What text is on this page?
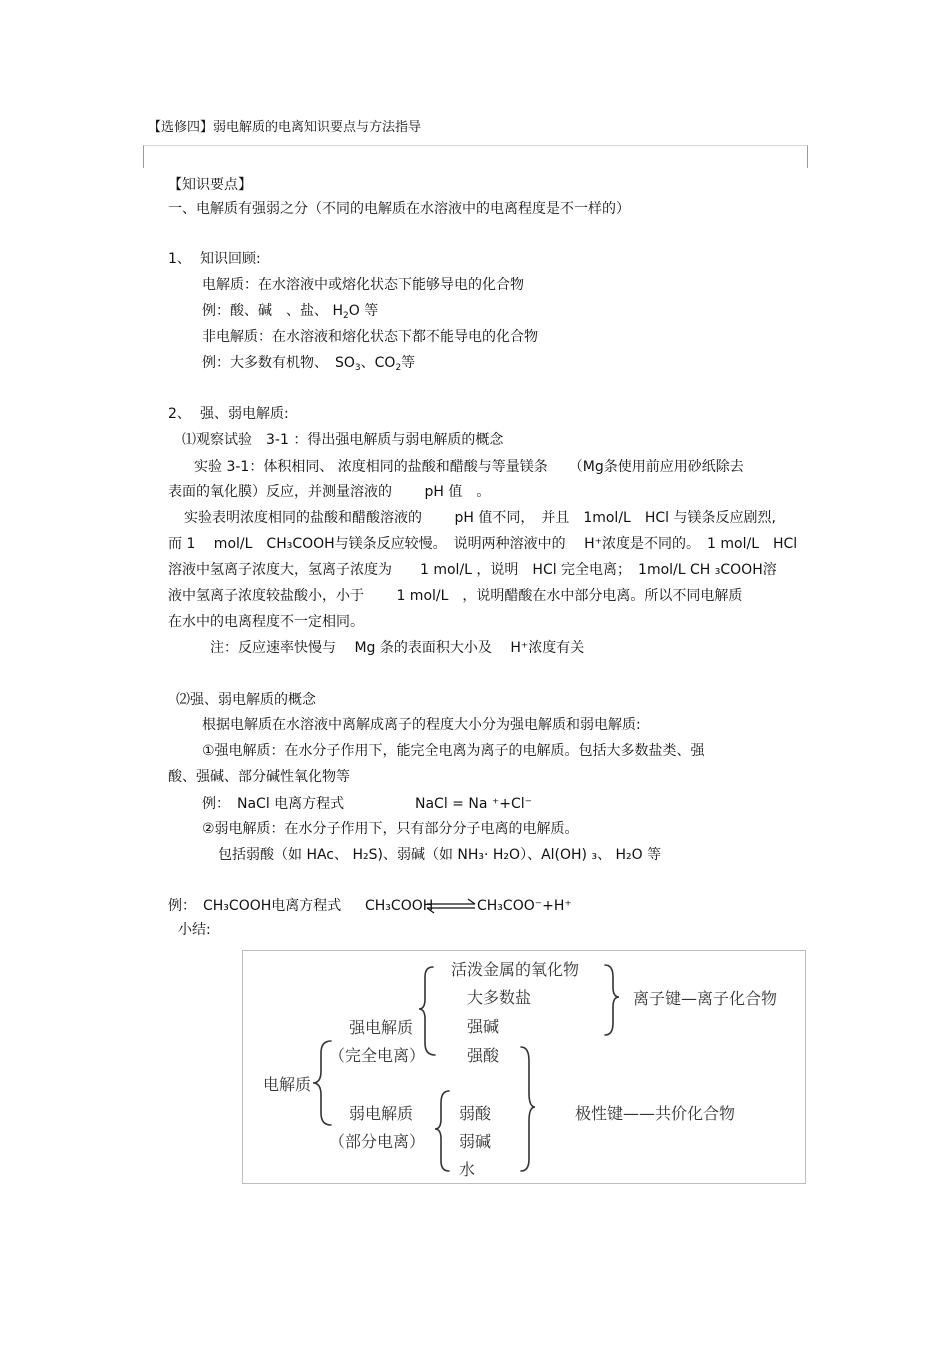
【选修四】弱电解质的电离知识要点与方法指导
【知识要点】
一、电解质有强弱之分（不同的电解质在水溶液中的电离程度是不一样的）
1、 知识回顾:
电解质：在水溶液中或熔化状态下能够导电的化合物
例：酸、碱　、盐、 $H_2O$ 等
非电解质：在水溶液和熔化状态下都不能导电的化合物
例：大多数有机物、　$SO_3$、$CO_2$等
2、 强、弱电解质:
⑴观察试验　3-1 ：得出强电解质与弱电解质的概念
实验 3-1：体积相同、 浓度相同的盐酸和醋酸与等量镁条　　（Mg条使用前应用砂纸除去
表面的氧化膜）反应，并测量溶液的　　 pH 值　。
实验表明浓度相同的盐酸和醋酸溶液的　　 pH 值不同，　并且　1mol/L　HCl 与镁条反应剧烈,
而 1　 mol/L　CH₃COOH与镁条反应较慢。　说明两种溶液中的　 H⁺浓度是不同的。　1 mol/L　HCl
溶液中氢离子浓度大，氢离子浓度为　　1 mol/L ，说明　HCl 完全电离；　1mol/L CH ₃COOH溶
液中氢离子浓度较盐酸小，小于　　 1 mol/L　，说明醋酸在水中部分电离。所以不同电解质
在水中的电离程度不一定相同。
注：反应速率快慢与　 Mg 条的表面积大小及　 H⁺浓度有关
⑵强、弱电解质的概念
根据电解质在水溶液中离解成离子的程度大小分为强电解质和弱电解质:
①强电解质：在水分子作用下，能完全电离为离子的电解质。包括大多数盐类、强
酸、强碱、部分碱性氧化物等
例：　NaCl 电离方程式	NaCl = Na ⁺+Cl⁻
②弱电解质：在水分子作用下，只有部分分子电离的电解质。
包括弱酸（如 HAc、 H₂S)、弱碱（如 NH₃· H₂O）、Al(OH) ₃、 H₂O 等
例：　CH₃COOH电离方程式 CH₃COOH ⇌ CH₃COO⁻+H⁺
小结:
电解质
强电解质
（完全电离）
弱电解质
（部分电离）
活泼金属的氧化物
大多数盐
强碱
强酸
弱酸
弱碱
水
离子键—离子化合物
极性键——共价化合物
